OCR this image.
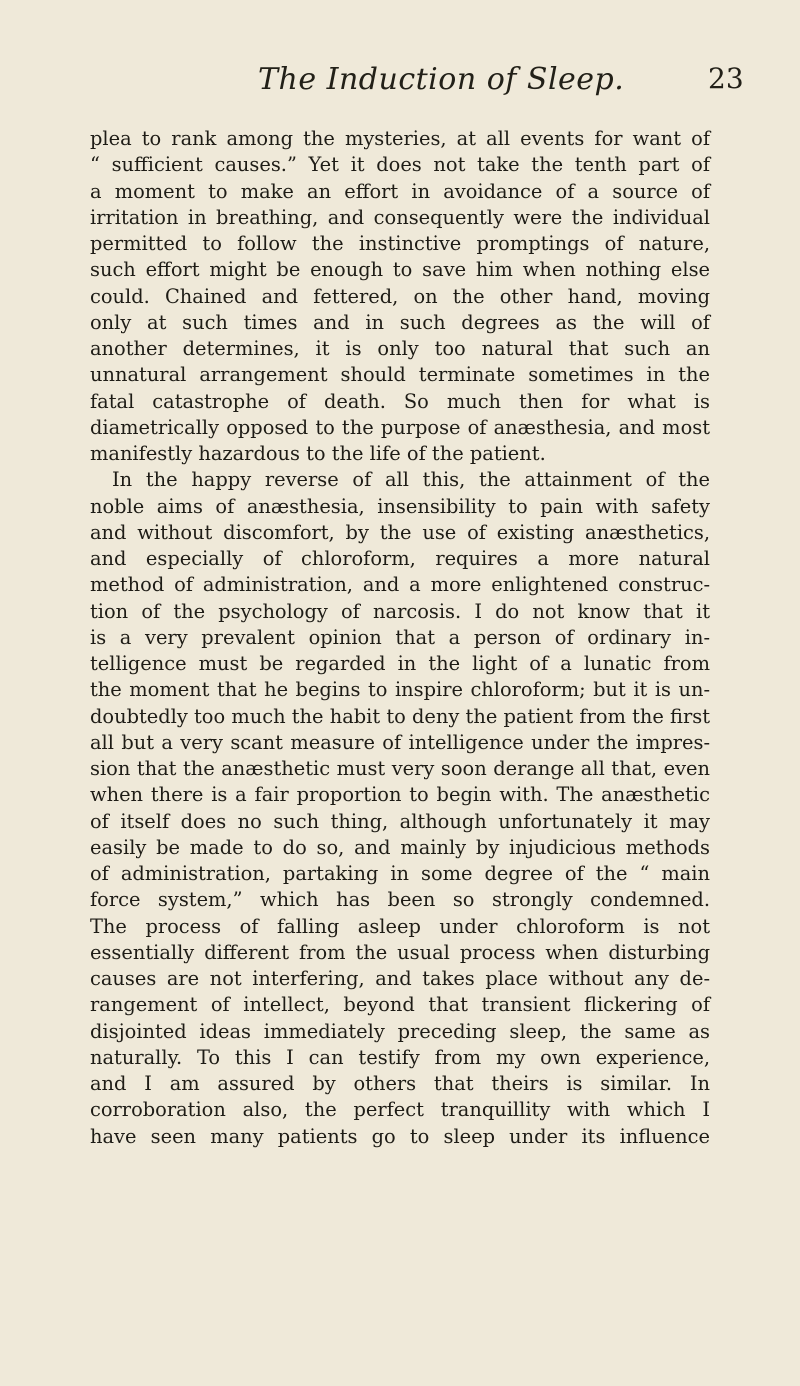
The Induction of Sleep.	23
plea to rank among the mysteries, at all events for want of
“ sufficient causes.” Yet it does not take the tenth part of
a moment to make an effort in avoidance of a source of
irritation in breathing, and consequently were the individual
permitted to follow the instinctive promptings of nature,
such effort might be enough to save him when nothing else
could. Chained and fettered, on the other hand, moving
only at such times and in such degrees as the will of
another determines, it is only too natural that such an
unnatural arrangement should terminate sometimes in the
fatal catastrophe of death. So much then for what is
diametrically opposed to the purpose of anæsthesia, and most
manifestly hazardous to the life of the patient.
In the happy reverse of all this, the attainment of the
noble aims of anæsthesia, insensibility to pain with safety
and without discomfort, by the use of existing anæsthetics,
and especially of chloroform, requires a more natural
method of administration, and a more enlightened construc-
tion of the psychology of narcosis. I do not know that it
is a very prevalent opinion that a person of ordinary in-
telligence must be regarded in the light of a lunatic from
the moment that he begins to inspire chloroform; but it is un-
doubtedly too much the habit to deny the patient from the first
all but a very scant measure of intelligence under the impres-
sion that the anæsthetic must very soon derange all that, even
when there is a fair proportion to begin with. The anæsthetic
of itself does no such thing, although unfortunately it may
easily be made to do so, and mainly by injudicious methods
of administration, partaking in some degree of the “ main
force system,” which has been so strongly condemned.
The process of falling asleep under chloroform is not
essentially different from the usual process when disturbing
causes are not interfering, and takes place without any de-
rangement of intellect, beyond that transient flickering of
disjointed ideas immediately preceding sleep, the same as
naturally. To this I can testify from my own experience,
and I am assured by others that theirs is similar. In
corroboration also, the perfect tranquillity with which I
have seen many patients go to sleep under its influence
